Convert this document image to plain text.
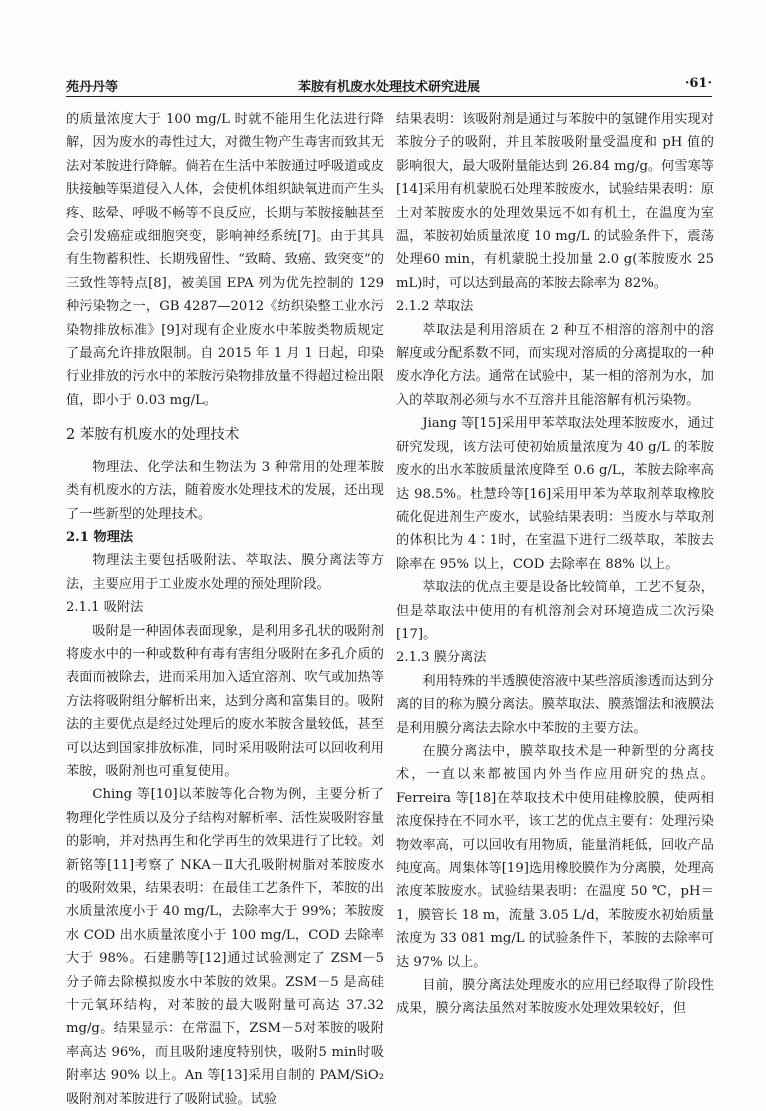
苑丹丹等	苯胺有机废水处理技术研究进展	·61·

的质量浓度大于 100 mg/L 时就不能用生化法进行降解，因为废水的毒性过大，对微生物产生毒害而致其无法对苯胺进行降解。倘若在生活中苯胺通过呼吸道或皮肤接触等渠道侵入人体，会使机体组织缺氧进而产生头疼、眩晕、呼吸不畅等不良反应，长期与苯胺接触甚至会引发癌症或细胞突变，影响神经系统[7]。由于其具有生物蓄积性、长期残留性、“致畸、致癌、致突变”的三致性等特点[8]，被美国 EPA 列为优先控制的 129 种污染物之一，GB 4287—2012《纺织染整工业水污染物排放标准》[9]对现有企业废水中苯胺类物质规定了最高允许排放限制。自 2015 年 1 月 1 日起，印染行业排放的污水中的苯胺污染物排放量不得超过检出限值，即小于 0.03 mg/L。

2 苯胺有机废水的处理技术

物理法、化学法和生物法为 3 种常用的处理苯胺类有机废水的方法，随着废水处理技术的发展，还出现了一些新型的处理技术。

2.1 物理法

物理法主要包括吸附法、萃取法、膜分离法等方法，主要应用于工业废水处理的预处理阶段。

2.1.1 吸附法

吸附是一种固体表面现象，是利用多孔状的吸附剂将废水中的一种或数种有毒有害组分吸附在多孔介质的表面而被除去，进而采用加入适宜溶剂、吹气或加热等方法将吸附组分解析出来，达到分离和富集目的。吸附法的主要优点是经过处理后的废水苯胺含量较低，甚至可以达到国家排放标准，同时采用吸附法可以回收利用苯胺，吸附剂也可重复使用。

Ching 等[10]以苯胺等化合物为例，主要分析了物理化学性质以及分子结构对解析率、活性炭吸附容量的影响，并对热再生和化学再生的效果进行了比较。刘新铭等[11]考察了 NKA－Ⅱ大孔吸附树脂对苯胺废水的吸附效果，结果表明：在最佳工艺条件下，苯胺的出水质量浓度小于 40 mg/L，去除率大于 99%；苯胺废水 COD 出水质量浓度小于 100 mg/L，COD 去除率大于 98%。石建鹏等[12]通过试验测定了 ZSM－5 分子筛去除模拟废水中苯胺的效果。ZSM－5 是高硅十元氧环结构，对苯胺的最大吸附量可高达 37.32 mg/g。结果显示：在常温下，ZSM－5对苯胺的吸附率高达 96%，而且吸附速度特别快，吸附5 min时吸附率达 90% 以上。An 等[13]采用自制的 PAM/SiO₂ 吸附剂对苯胺进行了吸附试验。试验

结果表明：该吸附剂是通过与苯胺中的氢键作用实现对苯胺分子的吸附，并且苯胺吸附量受温度和 pH 值的影响很大，最大吸附量能达到 26.84 mg/g。何雪寒等[14]采用有机蒙脱石处理苯胺废水，试验结果表明：原土对苯胺废水的处理效果远不如有机土，在温度为室温，苯胺初始质量浓度 10 mg/L 的试验条件下，震荡处理60 min，有机蒙脱土投加量 2.0 g(苯胺废水 25 mL)时，可以达到最高的苯胺去除率为 82%。

2.1.2 萃取法

萃取法是利用溶质在 2 种互不相溶的溶剂中的溶解度或分配系数不同，而实现对溶质的分离提取的一种废水净化方法。通常在试验中，某一相的溶剂为水，加入的萃取剂必须与水不互溶并且能溶解有机污染物。

Jiang 等[15]采用甲苯萃取法处理苯胺废水，通过研究发现，该方法可使初始质量浓度为 40 g/L 的苯胺废水的出水苯胺质量浓度降至 0.6 g/L，苯胺去除率高达 98.5%。杜慧玲等[16]采用甲苯为萃取剂萃取橡胶硫化促进剂生产废水，试验结果表明：当废水与萃取剂的体积比为 4∶1时，在室温下进行二级萃取，苯胺去除率在 95% 以上，COD 去除率在 88% 以上。

萃取法的优点主要是设备比较简单，工艺不复杂，但是萃取法中使用的有机溶剂会对环境造成二次污染[17]。

2.1.3 膜分离法

利用特殊的半透膜使溶液中某些溶质渗透而达到分离的目的称为膜分离法。膜萃取法、膜蒸馏法和液膜法是利用膜分离法去除水中苯胺的主要方法。

在膜分离法中，膜萃取技术是一种新型的分离技术，一直以来都被国内外当作应用研究的热点。Ferreira 等[18]在萃取技术中使用硅橡胶膜，使两相浓度保持在不同水平，该工艺的优点主要有：处理污染物效率高，可以回收有用物质，能量消耗低，回收产品纯度高。周集体等[19]选用橡胶膜作为分离膜，处理高浓度苯胺废水。试验结果表明：在温度 50 ℃，pH＝1，膜管长 18 m，流量 3.05 L/d，苯胺废水初始质量浓度为 33 081 mg/L 的试验条件下，苯胺的去除率可达 97% 以上。

目前，膜分离法处理废水的应用已经取得了阶段性成果，膜分离法虽然对苯胺废水处理效果较好，但
